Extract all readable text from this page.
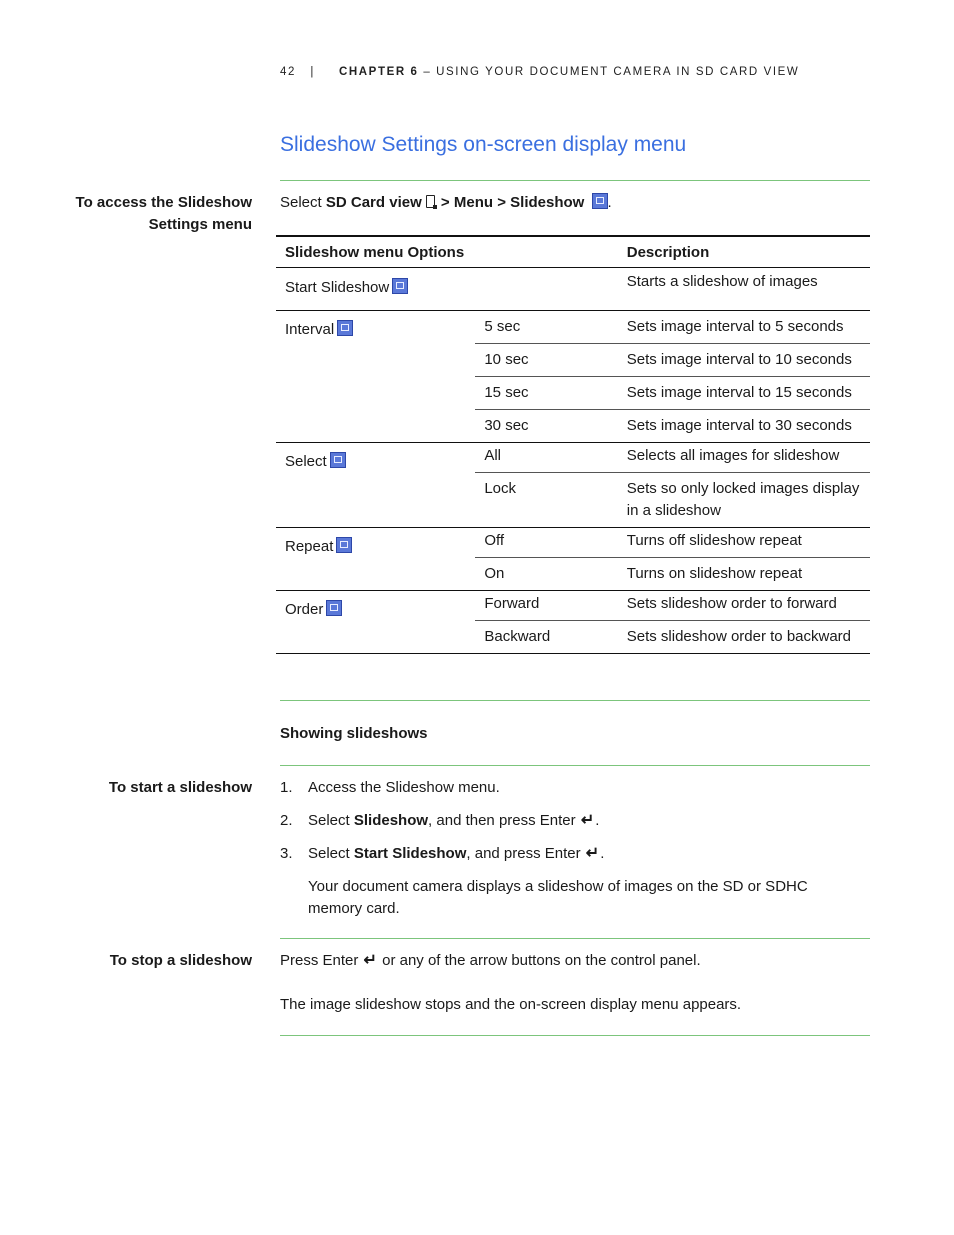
42 | CHAPTER 6 – USING YOUR DOCUMENT CAMERA IN SD CARD VIEW
Slideshow Settings on-screen display menu
To access the Slideshow
Settings menu
Select SD Card view > Menu > Slideshow .
Slideshow menu Options		Description
Start Slideshow		Starts a slideshow of images
Interval	5 sec	Sets image interval to 5 seconds
	10 sec	Sets image interval to 10 seconds
	15 sec	Sets image interval to 15 seconds
	30 sec	Sets image interval to 30 seconds
Select	All	Selects all images for slideshow
	Lock	Sets so only locked images display in a slideshow
Repeat	Off	Turns off slideshow repeat
	On	Turns on slideshow repeat
Order	Forward	Sets slideshow order to forward
	Backward	Sets slideshow order to backward
Showing slideshows
To start a slideshow 1.	Access the Slideshow menu.
2.	Select Slideshow, and then press Enter ↵.
3.	Select Start Slideshow, and press Enter ↵.
Your document camera displays a slideshow of images on the SD or SDHC
memory card.
To stop a slideshow Press Enter ↵ or any of the arrow buttons on the control panel.
The image slideshow stops and the on-screen display menu appears.
